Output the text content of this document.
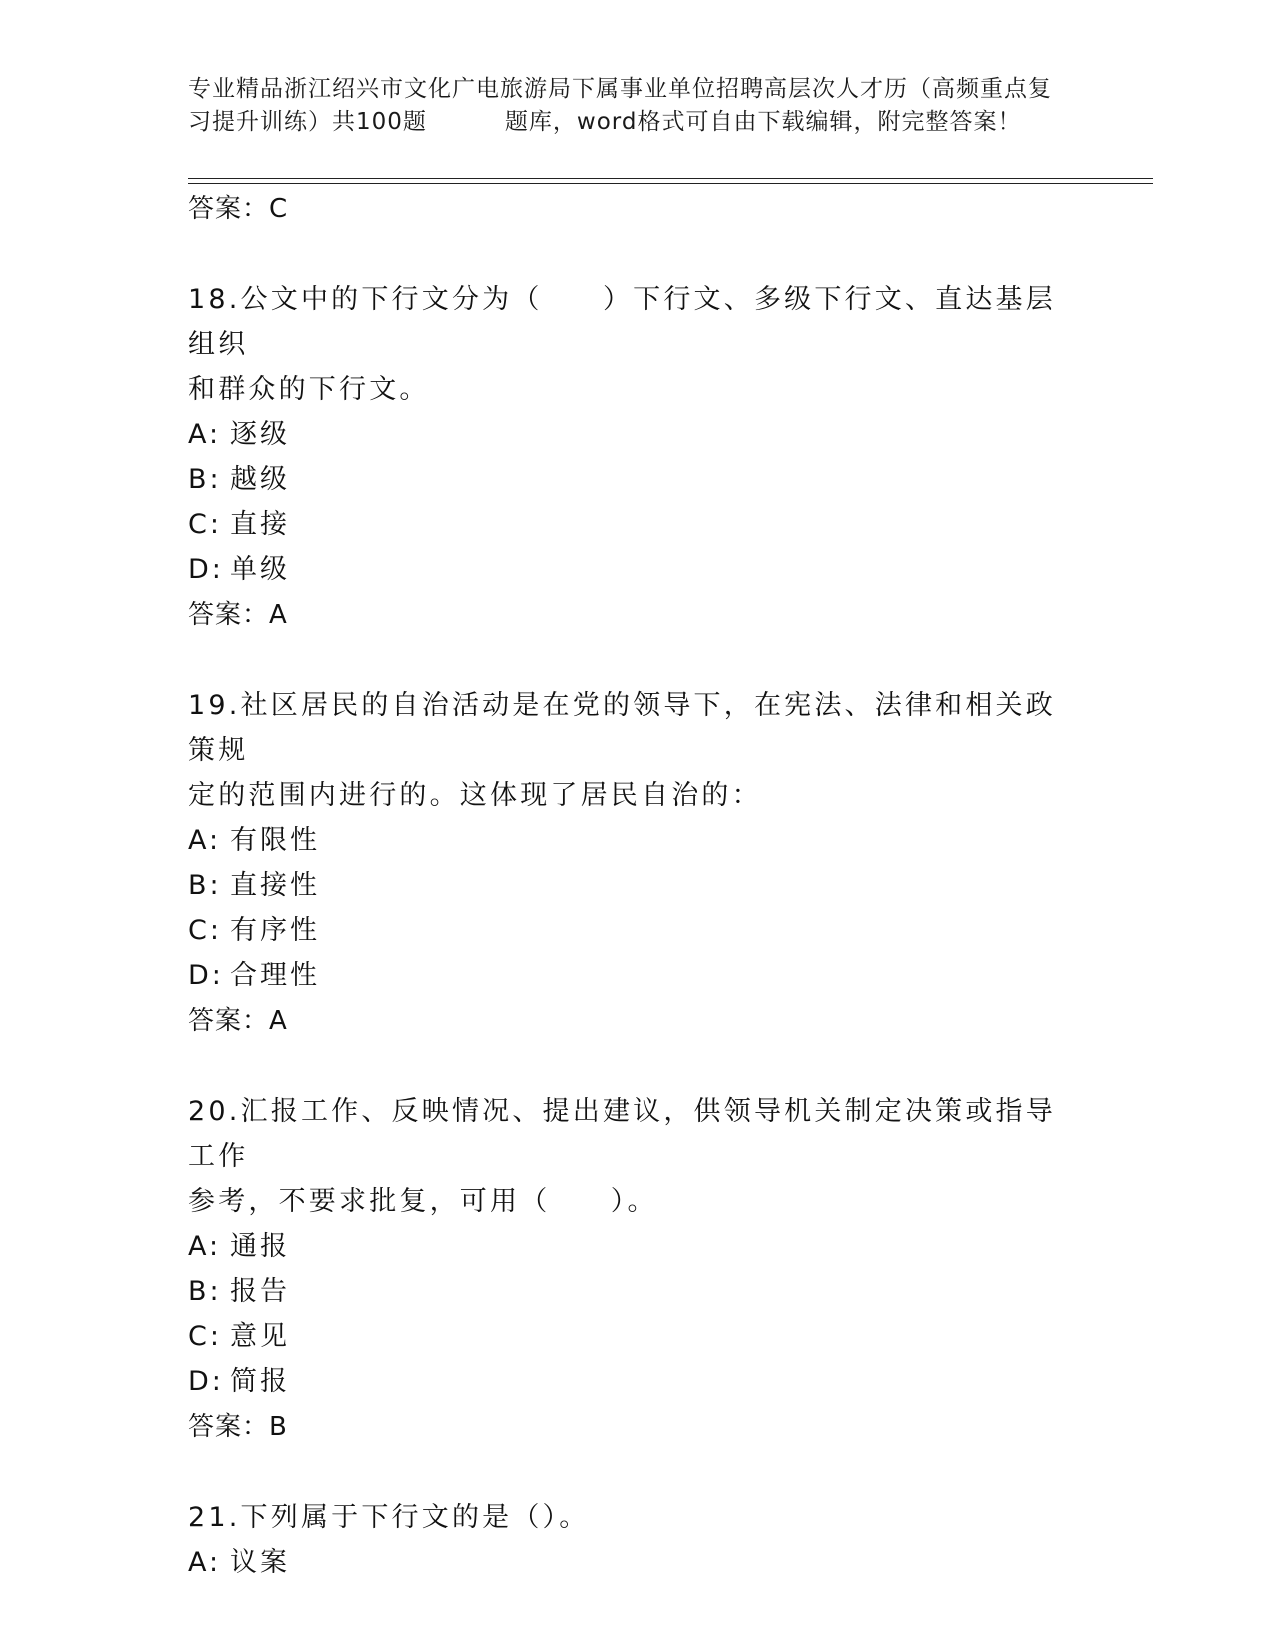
专业精品浙江绍兴市文化广电旅游局下属事业单位招聘高层次人才历（高频重点复
习提升训练）共100题	题库，word格式可自由下载编辑，附完整答案！
答案：C
18.公文中的下行文分为（　　）下行文、多级下行文、直达基层组织
和群众的下行文。
A: 逐级
B: 越级
C: 直接
D: 单级
答案：A
19.社区居民的自治活动是在党的领导下，在宪法、法律和相关政策规
定的范围内进行的。这体现了居民自治的：
A: 有限性
B: 直接性
C: 有序性
D: 合理性
答案：A
20.汇报工作、反映情况、提出建议，供领导机关制定决策或指导工作
参考，不要求批复，可用（　　）。
A: 通报
B: 报告
C: 意见
D: 简报
答案：B
21.下列属于下行文的是（）。
A: 议案
